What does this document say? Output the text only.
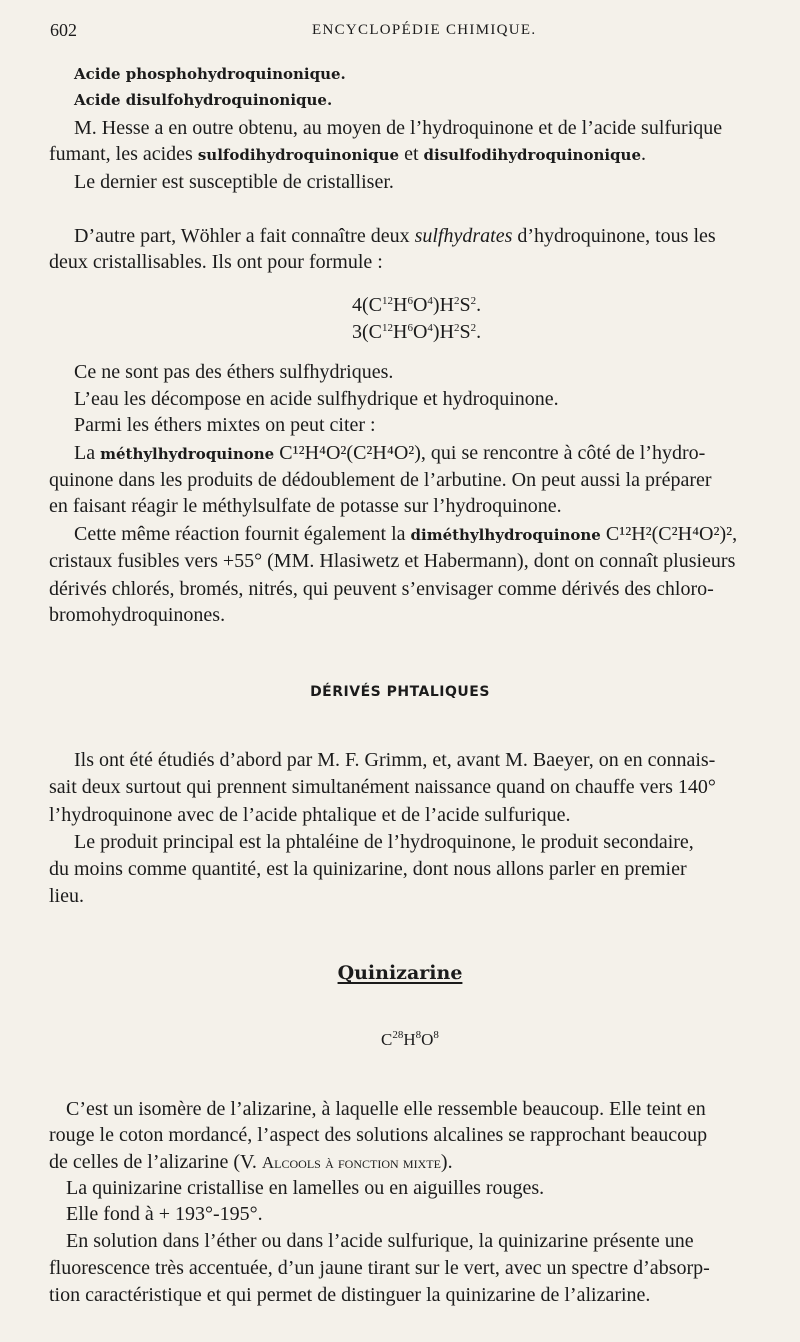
602	ENCYCLOPÉDIE CHIMIQUE.
Acide phosphohydroquinonique.
Acide disulfohydroquinonique.
M. Hesse a en outre obtenu, au moyen de l’hydroquinone et de l’acide sulfurique
fumant, les acides sulfodihydroquinonique et disulfodihydroquinonique.
Le dernier est susceptible de cristalliser.
D’autre part, Wöhler a fait connaître deux sulfhydrates d’hydroquinone, tous les
deux cristallisables. Ils ont pour formule :
$4(C^{12}H^6O^4)H^2S^2$.
$3(C^{12}H^6O^4)H^2S^2$.
Ce ne sont pas des éthers sulfhydriques.
L’eau les décompose en acide sulfhydrique et hydroquinone.
Parmi les éthers mixtes on peut citer :
La méthylhydroquinone C¹²H⁴O²(C²H⁴O²), qui se rencontre à côté de l’hydro-
quinone dans les produits de dédoublement de l’arbutine. On peut aussi la préparer
en faisant réagir le méthylsulfate de potasse sur l’hydroquinone.
Cette même réaction fournit également la diméthylhydroquinone C¹²H²(C²H⁴O²)²,
cristaux fusibles vers +55° (MM. Hlasiwetz et Habermann), dont on connaît plusieurs
dérivés chlorés, bromés, nitrés, qui peuvent s’envisager comme dérivés des chloro-
bromohydroquinones.
DÉRIVÉS PHTALIQUES
Ils ont été étudiés d’abord par M. F. Grimm, et, avant M. Baeyer, on en connais-
sait deux surtout qui prennent simultanément naissance quand on chauffe vers 140°
l’hydroquinone avec de l’acide phtalique et de l’acide sulfurique.
Le produit principal est la phtaléine de l’hydroquinone, le produit secondaire,
du moins comme quantité, est la quinizarine, dont nous allons parler en premier
lieu.
Quinizarine
$C^{28}H^8O^8$
C’est un isomère de l’alizarine, à laquelle elle ressemble beaucoup. Elle teint en
rouge le coton mordancé, l’aspect des solutions alcalines se rapprochant beaucoup
de celles de l’alizarine (V. Alcools à fonction mixte).
La quinizarine cristallise en lamelles ou en aiguilles rouges.
Elle fond à + 193°-195°.
En solution dans l’éther ou dans l’acide sulfurique, la quinizarine présente une
fluorescence très accentuée, d’un jaune tirant sur le vert, avec un spectre d’absorp-
tion caractéristique et qui permet de distinguer la quinizarine de l’alizarine.
